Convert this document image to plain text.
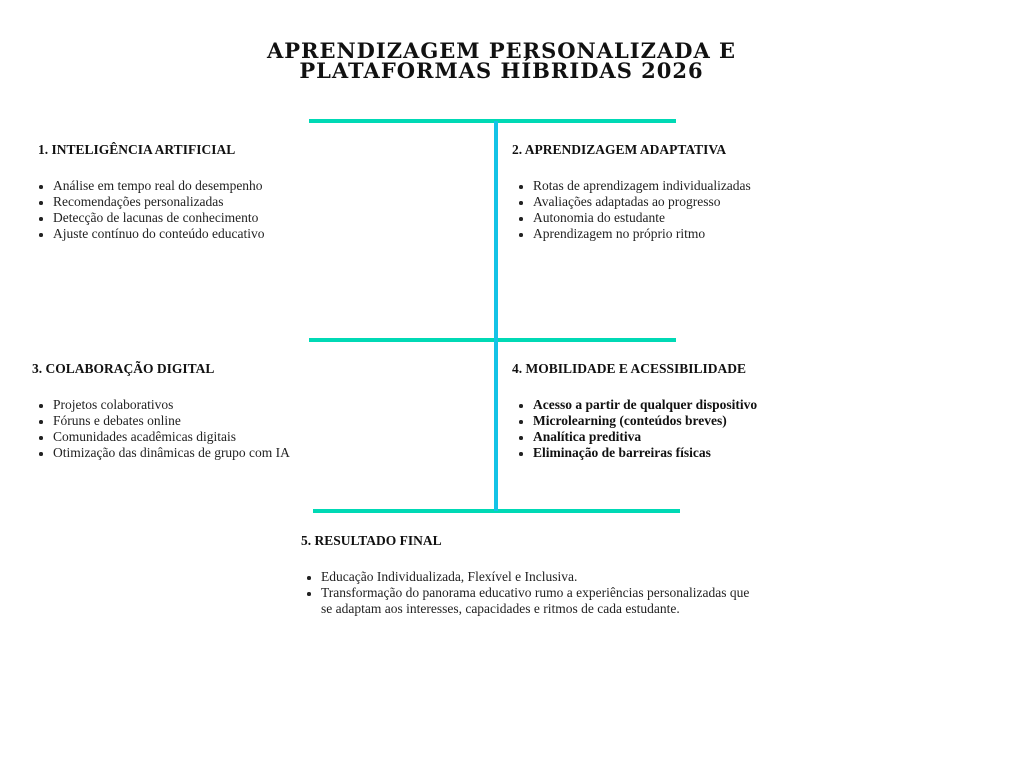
APRENDIZAGEM PERSONALIZADA E
PLATAFORMAS HÍBRIDAS 2026
1. INTELIGÊNCIA ARTIFICIAL
Análise em tempo real do desempenho
Recomendações personalizadas
Detecção de lacunas de conhecimento
Ajuste contínuo do conteúdo educativo
2. APRENDIZAGEM ADAPTATIVA
Rotas de aprendizagem individualizadas
Avaliações adaptadas ao progresso
Autonomia do estudante
Aprendizagem no próprio ritmo
3. COLABORAÇÃO DIGITAL
Projetos colaborativos
Fóruns e debates online
Comunidades acadêmicas digitais
Otimização das dinâmicas de grupo com IA
4. MOBILIDADE E ACESSIBILIDADE
Acesso a partir de qualquer dispositivo
Microlearning (conteúdos breves)
Analítica preditiva
Eliminação de barreiras físicas
5. RESULTADO FINAL
Educação Individualizada, Flexível e Inclusiva.
Transformação do panorama educativo rumo a experiências personalizadas que se adaptam aos interesses, capacidades e ritmos de cada estudante.
